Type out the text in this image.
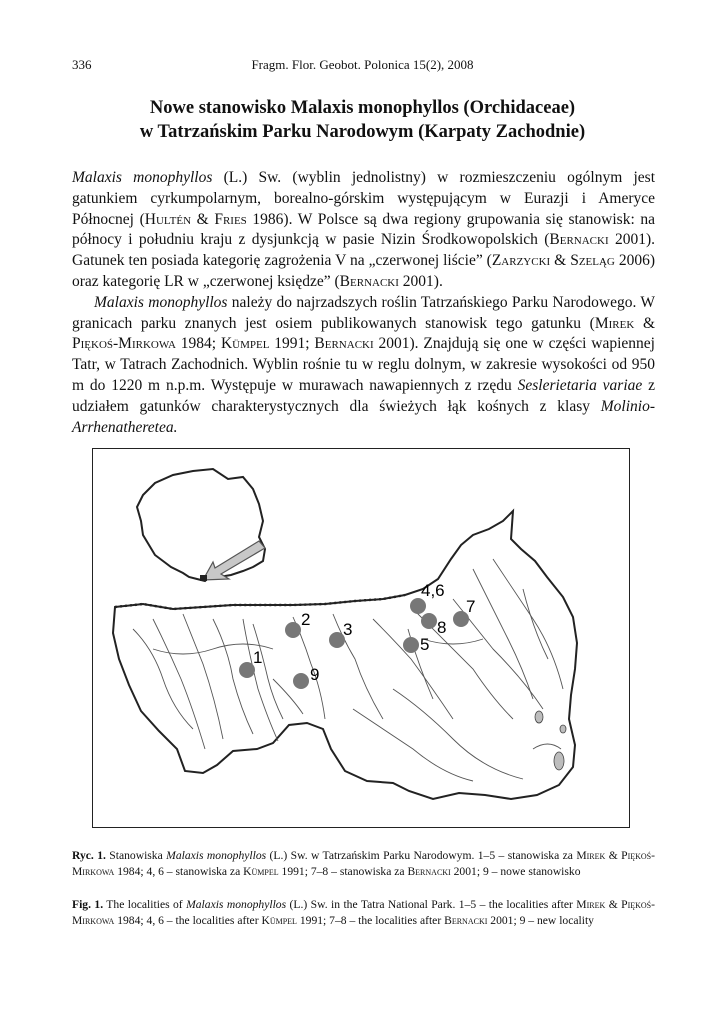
336	Fragm. Flor. Geobot. Polonica 15(2), 2008
Nowe stanowisko Malaxis monophyllos (Orchidaceae)
w Tatrzańskim Parku Narodowym (Karpaty Zachodnie)

Malaxis monophyllos (L.) Sw. (wyblin jednolistny) w rozmieszczeniu ogólnym jest gatunkiem cyrkumpolarnym, borealno-górskim występującym w Eurazji i Ameryce Północnej (Hultén & Fries 1986). W Polsce są dwa regiony grupowania się stanowisk: na północy i południu kraju z dysjunkcją w pasie Nizin Środkowopolskich (Bernacki 2001). Gatunek ten posiada kategorię zagrożenia V na „czerwonej liście” (Zarzycki & Szeląg 2006) oraz kategorię LR w „czerwonej księdze” (Bernacki 2001).

Malaxis monophyllos należy do najrzadszych roślin Tatrzańskiego Parku Narodowego. W granicach parku znanych jest osiem publikowanych stanowisk tego gatunku (Mirek & Piękoś-Mirkowa 1984; Kümpel 1991; Bernacki 2001). Znajdują się one w części wapiennej Tatr, w Tatrach Zachodnich. Wyblin rośnie tu w reglu dolnym, w zakresie wysokości od 950 m do 1220 m n.p.m. Występuje w murawach nawapiennych z rzędu Seslerietaria variae z udziałem gatunków charakterystycznych dla świeżych łąk kośnych z klasy Molinio-Arrhenatheretea.

1
2
3
4,6
5
7
8
9

Ryc. 1. Stanowiska Malaxis monophyllos (L.) Sw. w Tatrzańskim Parku Narodowym. 1–5 – stanowiska za Mirek & Piękoś-Mirkowa 1984; 4, 6 – stanowiska za Kümpel 1991; 7–8 – stanowiska za Bernacki 2001; 9 – nowe stanowisko

Fig. 1. The localities of Malaxis monophyllos (L.) Sw. in the Tatra National Park. 1–5 – the localities after Mirek & Piękoś-Mirkowa 1984; 4, 6 – the localities after Kümpel 1991; 7–8 – the localities after Bernacki 2001; 9 – new locality
